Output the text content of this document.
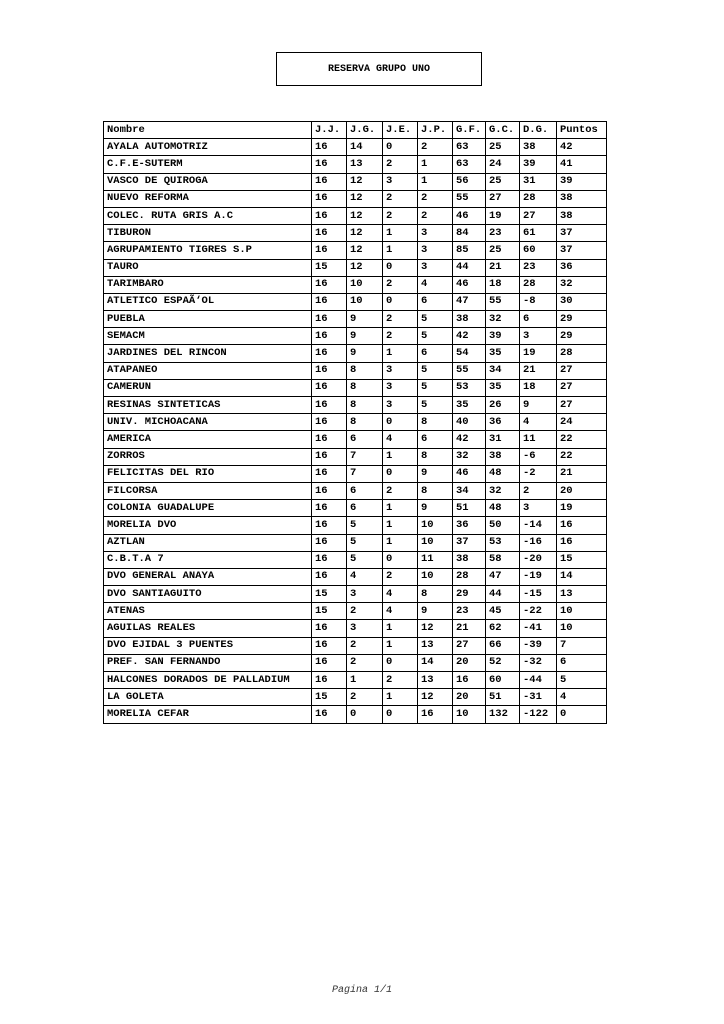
RESERVA GRUPO UNO
Nombre	J.J.	J.G.	J.E.	J.P.	G.F.	G.C.	D.G.	Puntos
AYALA AUTOMOTRIZ	16	14	0	2	63	25	38	42
C.F.E-SUTERM	16	13	2	1	63	24	39	41
VASCO DE QUIROGA	16	12	3	1	56	25	31	39
NUEVO REFORMA	16	12	2	2	55	27	28	38
COLEC. RUTA GRIS A.C	16	12	2	2	46	19	27	38
TIBURON	16	12	1	3	84	23	61	37
AGRUPAMIENTO TIGRES S.P	16	12	1	3	85	25	60	37
TAURO	15	12	0	3	44	21	23	36
TARIMBARO	16	10	2	4	46	18	28	32
ATLETICO ESPAÃ‘OL	16	10	0	6	47	55	-8	30
PUEBLA	16	9	2	5	38	32	6	29
SEMACM	16	9	2	5	42	39	3	29
JARDINES DEL RINCON	16	9	1	6	54	35	19	28
ATAPANEO	16	8	3	5	55	34	21	27
CAMERUN	16	8	3	5	53	35	18	27
RESINAS SINTETICAS	16	8	3	5	35	26	9	27
UNIV. MICHOACANA	16	8	0	8	40	36	4	24
AMERICA	16	6	4	6	42	31	11	22
ZORROS	16	7	1	8	32	38	-6	22
FELICITAS DEL RIO	16	7	0	9	46	48	-2	21
FILCORSA	16	6	2	8	34	32	2	20
COLONIA GUADALUPE	16	6	1	9	51	48	3	19
MORELIA DVO	16	5	1	10	36	50	-14	16
AZTLAN	16	5	1	10	37	53	-16	16
C.B.T.A 7	16	5	0	11	38	58	-20	15
DVO GENERAL ANAYA	16	4	2	10	28	47	-19	14
DVO SANTIAGUITO	15	3	4	8	29	44	-15	13
ATENAS	15	2	4	9	23	45	-22	10
AGUILAS REALES	16	3	1	12	21	62	-41	10
DVO EJIDAL 3 PUENTES	16	2	1	13	27	66	-39	7
PREF. SAN FERNANDO	16	2	0	14	20	52	-32	6
HALCONES DORADOS DE PALLADIUM	16	1	2	13	16	60	-44	5
LA GOLETA	15	2	1	12	20	51	-31	4
MORELIA CEFAR	16	0	0	16	10	132	-122	0
Pagina 1/1
